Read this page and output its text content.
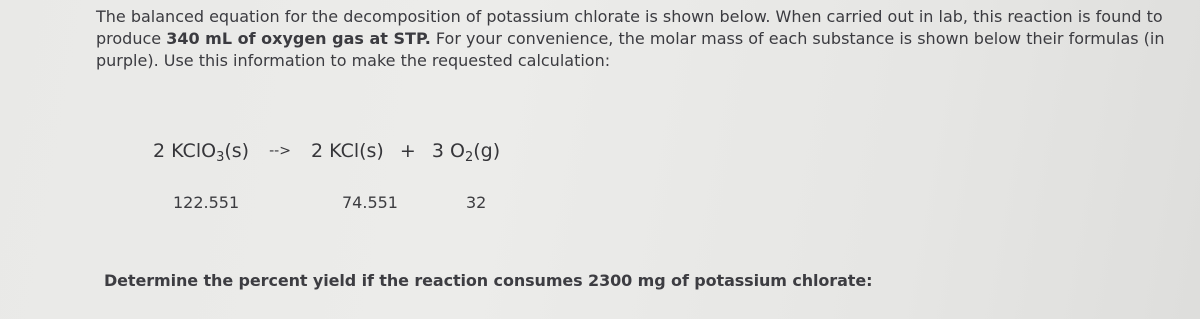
The balanced equation for the decomposition of potassium chlorate is shown below. When carried out in lab, this reaction is found to produce 340 mL of oxygen gas at STP. For your convenience, the molar mass of each substance is shown below their formulas (in purple). Use this information to make the requested calculation:
2 KClO$_3$(s) --> 2 KCl(s) + 3 $O_2(g)$
122.551	74.551	32
Determine the percent yield if the reaction consumes 2300 mg of potassium chlorate:
